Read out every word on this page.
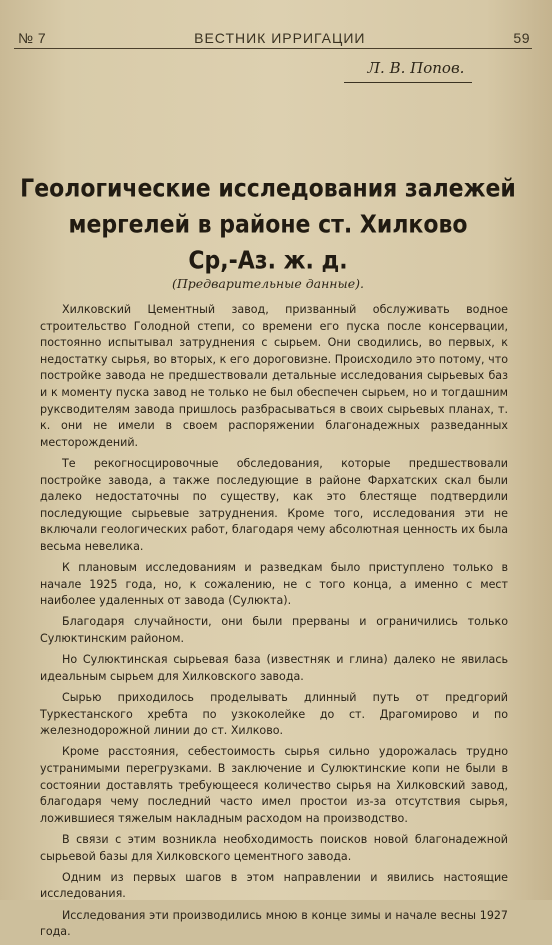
№ 7	ВЕСТНИК ИРРИГАЦИИ	59
Л. В. Попов.
Геологические исследования залежей
мергелей в районе ст. Хилково
Ср,-Аз. ж. д.
(Предварительные данные).

Хилковский Цементный завод, призванный обслуживать водное строительство Голодной степи, со времени его пуска после консервации, постоянно испытывал затруднения с сырьем. Они сводились, во первых, к недостатку сырья, во вторых, к его дороговизне. Происходило это потому, что постройке завода не предшествовали детальные исследования сырьевых баз и к моменту пуска завод не только не был обеспечен сырьем, но и тогдашним руксводителям завода пришлось разбрасываться в своих сырьевых планах, т. к. они не имели в своем распоряжении благонадежных разведанных месторождений.

Те рекогносцировочные обследования, которые предшествовали постройке завода, а также последующие в районе Фархатских скал были далеко недостаточны по существу, как это блестяще подтвердили последующие сырьевые затруднения. Кроме того, исследования эти не включали геологических работ, благодаря чему абсолютная ценность их была весьма невелика.

К плановым исследованиям и разведкам было приступлено только в начале 1925 года, но, к сожалению, не с того конца, а именно с мест наиболее удаленных от завода (Сулюкта).

Благодаря случайности, они были прерваны и ограничились только Сулюктинским районом.

Но Сулюктинская сырьевая база (известняк и глина) далеко не явилась идеальным сырьем для Хилковского завода.

Сырью приходилось проделывать длинный путь от предгорий Туркестанского хребта по узкоколейке до ст. Драгомирово и по железнодорожной линии до ст. Хилково.

Кроме расстояния, себестоимость сырья сильно удорожалась трудно устранимыми перегрузками. В заключение и Сулюктинские копи не были в состоянии доставлять требующееся количество сырья на Хилковский завод, благодаря чему последний часто имел простои из-за отсутствия сырья, ложившиеся тяжелым накладным расходом на производство.

В связи с этим возникла необходимость поисков новой благонадежной сырьевой базы для Хилковского цементного завода.

Одним из первых шагов в этом направлении и явились настоящие исследования.

Исследования эти производились мною в конце зимы и начале весны 1927 года.
